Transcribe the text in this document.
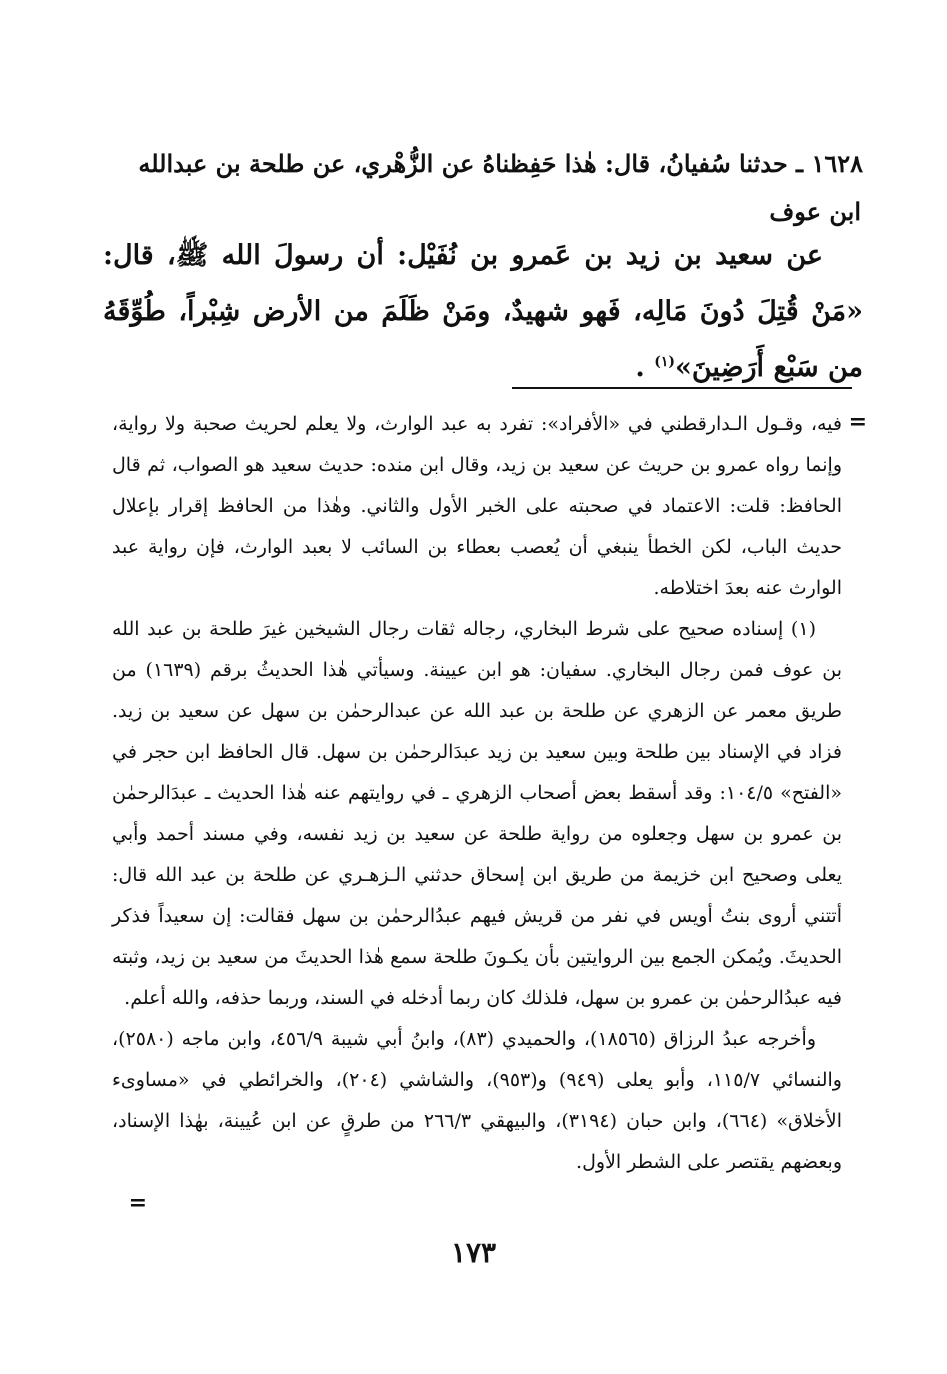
١٦٢٨ ـ حدثنا سُفيانُ، قال: هٰذا حَفِظناهُ عن الزُّهْري، عن طلحة بن عبدالله
ابن عوف

عن سعيد بن زيد بن عَمرو بن نُفَيْل: أن رسولَ الله ﷺ، قال: «مَنْ قُتِلَ دُونَ مَالِه، فَهو شهيدٌ، ومَنْ ظَلَمَ من الأرض شِبْراً، طُوِّقَهُ من سَبْع أَرَضِينَ»$^{(١)}$ .

=

فيه، وقـول الـدارقطني في «الأفراد»: تفرد به عبد الوارث، ولا يعلم لحريث صحبة ولا رواية، وإنما رواه عمرو بن حريث عن سعيد بن زيد، وقال ابن منده: حديث سعيد هو الصواب، ثم قال الحافظ: قلت: الاعتماد في صحبته على الخبر الأول والثاني. وهٰذا من الحافظ إقرار بإعلال حديث الباب، لكن الخطأ ينبغي أن يُعصب بعطاء بن السائب لا بعبد الوارث، فإن رواية عبد الوارث عنه بعدَ اختلاطه.

(١) إسناده صحيح على شرط البخاري، رجاله ثقات رجال الشيخين غيرَ طلحة بن عبد الله بن عوف فمن رجال البخاري. سفيان: هو ابن عيينة. وسيأتي هٰذا الحديثُ برقم (١٦٣٩) من طريق معمر عن الزهري عن طلحة بن عبد الله عن عبدالرحمٰن بن سهل عن سعيد بن زيد. فزاد في الإسناد بين طلحة وبين سعيد بن زيد عبدَالرحمٰن بن سهل. قال الحافظ ابن حجر في «الفتح» ١٠٤/٥: وقد أسقط بعض أصحاب الزهري ـ في روايتهم عنه هٰذا الحديث ـ عبدَالرحمٰن بن عمرو بن سهل وجعلوه من رواية طلحة عن سعيد بن زيد نفسه، وفي مسند أحمد وأبي يعلى وصحيح ابن خزيمة من طريق ابن إسحاق حدثني الـزهـري عن طلحة بن عبد الله قال: أتتني أروى بنتُ أويس في نفر من قريش فيهم عبدُالرحمٰن بن سهل فقالت: إن سعيداً فذكر الحديثَ. ويُمكن الجمع بين الروايتين بأن يكـونَ طلحة سمع هٰذا الحديثَ من سعيد بن زيد، وثبته فيه عبدُالرحمٰن بن عمرو بن سهل، فلذلك كان ربما أدخله في السند، وربما حذفه، والله أعلم.

وأخرجه عبدُ الرزاق (١٨٥٦٥)، والحميدي (٨٣)، وابنُ أبي شيبة ٤٥٦/٩، وابن ماجه (٢٥٨٠)، والنسائي ١١٥/٧، وأبو يعلى (٩٤٩) و(٩٥٣)، والشاشي (٢٠٤)، والخرائطي في «مساوىء الأخلاق» (٦٦٤)، وابن حبان (٣١٩٤)، والبيهقي ٢٦٦/٣ من طرقٍ عن ابن عُيينة، بهٰذا الإسناد، وبعضهم يقتصر على الشطر الأول.

=
١٧٣
